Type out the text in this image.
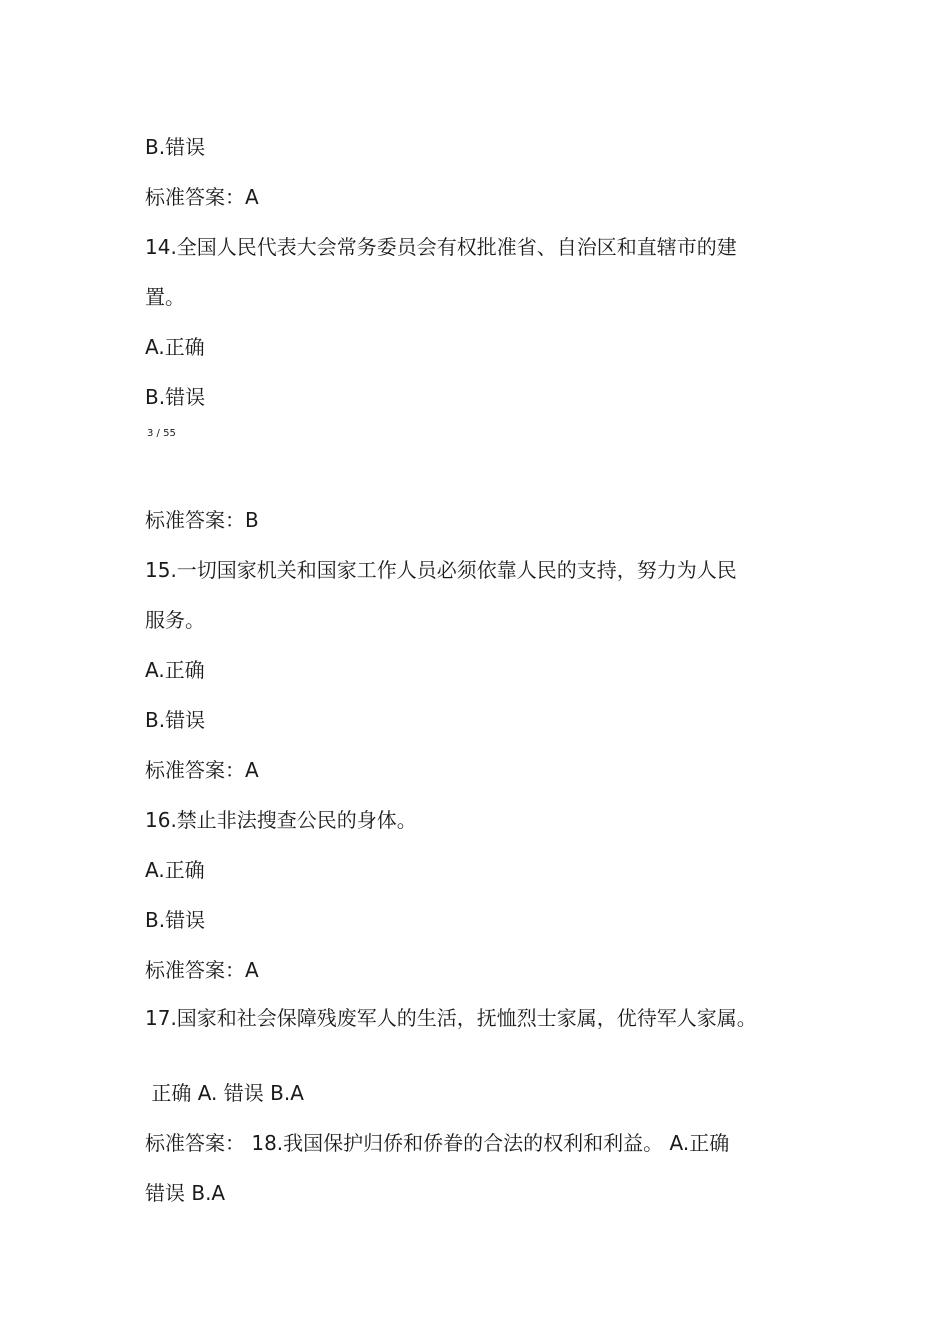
B.错误
标准答案：A
14.全国人民代表大会常务委员会有权批准省、自治区和直辖市的建
置。
A.正确
B.错误
3 / 55
标准答案：B
15.一切国家机关和国家工作人员必须依靠人民的支持，努力为人民
服务。
A.正确
B.错误
标准答案：A
16.禁止非法搜查公民的身体。
A.正确
B.错误
标准答案：A
17.国家和社会保障残废军人的生活，抚恤烈士家属，优待军人家属。
正确 A. 错误 B.A
标准答案： 18.我国保护归侨和侨眷的合法的权利和利益。 A.正确
错误 B.A
